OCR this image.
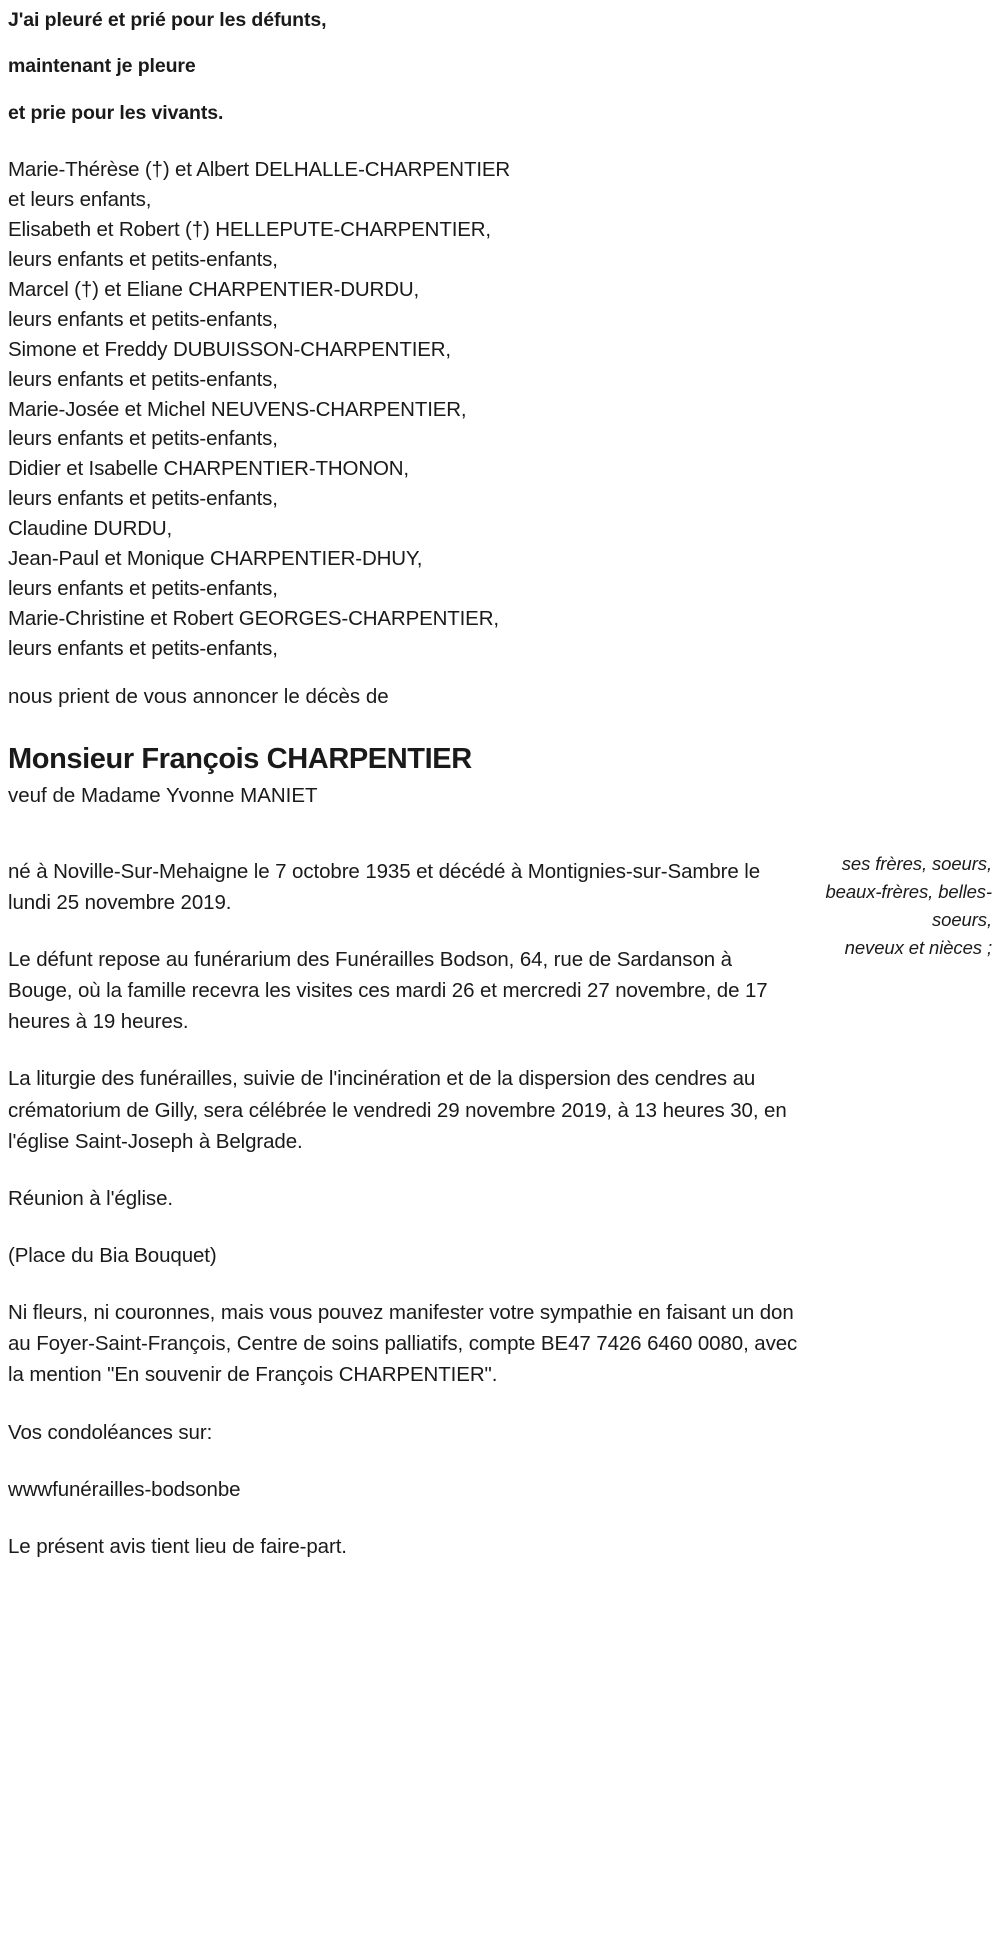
J'ai pleuré et prié pour les défunts,

maintenant je pleure

et prie pour les vivants.

Marie-Thérèse (†) et Albert DELHALLE-CHARPENTIER

et leurs enfants,

Elisabeth et Robert (†) HELLEPUTE-CHARPENTIER,

leurs enfants et petits-enfants,

Marcel (†) et Eliane CHARPENTIER-DURDU,

leurs enfants et petits-enfants,

Simone et Freddy DUBUISSON-CHARPENTIER,

leurs enfants et petits-enfants,

Marie-Josée et Michel NEUVENS-CHARPENTIER,

leurs enfants et petits-enfants,

Didier et Isabelle CHARPENTIER-THONON,

leurs enfants et petits-enfants,

Claudine DURDU,

Jean-Paul et Monique CHARPENTIER-DHUY,

leurs enfants et petits-enfants,

Marie-Christine et Robert GEORGES-CHARPENTIER,

leurs enfants et petits-enfants,

ses frères, soeurs,

beaux-frères, belles-

soeurs,

neveux et nièces ;

nous prient de vous annoncer le décès de

Monsieur François CHARPENTIER

veuf de Madame Yvonne MANIET

né à Noville-Sur-Mehaigne le 7 octobre 1935 et décédé à Montignies-sur-Sambre le lundi 25 novembre 2019.

Le défunt repose au funérarium des Funérailles Bodson, 64, rue de Sardanson à Bouge, où la famille recevra les visites ces mardi 26 et mercredi 27 novembre, de 17 heures à 19 heures.

La liturgie des funérailles, suivie de l'incinération et de la dispersion des cendres au crématorium de Gilly, sera célébrée le vendredi 29 novembre 2019, à 13 heures 30, en l'église Saint-Joseph à Belgrade.

Réunion à l'église.

(Place du Bia Bouquet)

Ni fleurs, ni couronnes, mais vous pouvez manifester votre sympathie en faisant un don au Foyer-Saint-François, Centre de soins palliatifs, compte BE47 7426 6460 0080, avec la mention "En souvenir de François CHARPENTIER".

Vos condoléances sur:

wwwfunérailles-bodsonbe

Le présent avis tient lieu de faire-part.
